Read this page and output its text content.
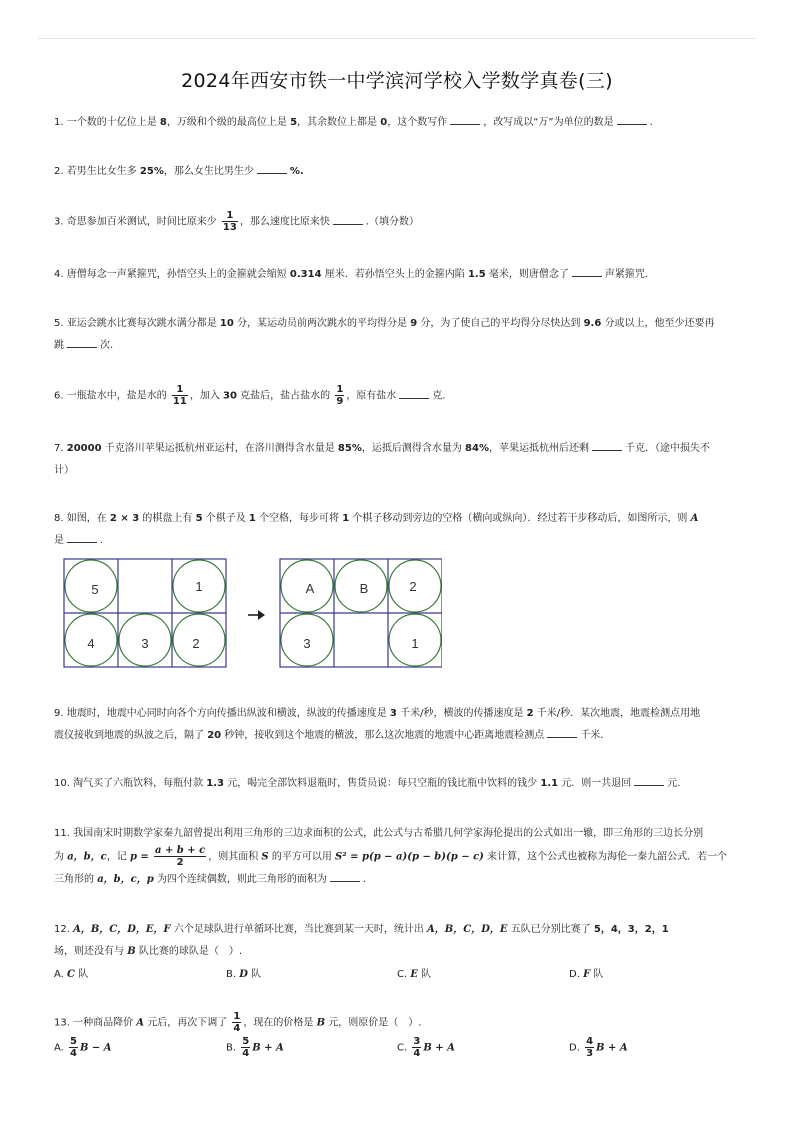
2024年西安市铁一中学滨河学校入学数学真卷(三)
1. 一个数的十亿位上是 8，万级和个级的最高位上是 5，其余数位上都是 0，这个数写作	，改写成以“万”为单位的数是	.
2. 若男生比女生多 25%，那么女生比男生少	%.
3. 奇思参加百米测试，时间比原来少 $\frac{1}{13}$ ，那么速度比原来快	.（填分数）
4. 唐僧每念一声紧箍咒，孙悟空头上的金箍就会缩短 0.314 厘米．若孙悟空头上的金箍内陷 1.5 毫米，则唐僧念了	声紧箍咒.
5. 亚运会跳水比赛每次跳水满分都是 10 分，某运动员前两次跳水的平均得分是 9 分，为了使自己的平均得分尽快达到 9.6 分或以上，他至少还要再
跳	次.
6. 一瓶盐水中，盐是水的 $\frac{1}{11}$ ，加入 30 克盐后，盐占盐水的 $\frac{1}{9}$ ，原有盐水	克.
7. 20000 千克洛川苹果运抵杭州亚运村，在洛川测得含水量是 85%，运抵后测得含水量为 84%，苹果运抵杭州后还剩	千克．（途中损失不
计）
8. 如图，在 2 × 3 的棋盘上有 5 个棋子及 1 个空格，每步可将 1 个棋子移动到旁边的空格（横向或纵向）．经过若干步移动后，如图所示，则 A
是	.
5	1
4	3	2
A	B	2
3	1
9. 地震时，地震中心同时向各个方向传播出纵波和横波，纵波的传播速度是 3 千米/秒，横波的传播速度是 2 千米/秒．某次地震，地震检测点用地
震仪接收到地震的纵波之后，隔了 20 秒钟，接收到这个地震的横波，那么这次地震的地震中心距离地震检测点	千米.
10. 淘气买了六瓶饮料，每瓶付款 1.3 元，喝完全部饮料退瓶时，售货员说：每只空瓶的钱比瓶中饮料的钱少 1.1 元．则一共退回	元.
11. 我国南宋时期数学家秦九韶曾提出利用三角形的三边求面积的公式，此公式与古希腊几何学家海伦提出的公式如出一辙，即三角形的三边长分别
为 a，b，c，记 $p = \frac{a + b + c}{2}$ ，则其面积 S 的平方可以用 S² = p(p − a)(p − b)(p − c) 来计算，这个公式也被称为海伦一秦九韶公式．若一个
三角形的 a，b，c，p 为四个连续偶数，则此三角形的面积为	.
12. A，B，C，D，E，F 六个足球队进行单循环比赛，当比赛到某一天时，统计出 A，B，C，D，E 五队已分别比赛了 5，4，3，2，1
场，则还没有与 B 队比赛的球队是（　）.
A. C 队	B. D 队	C. E 队	D. F 队
13. 一种商品降价 A 元后，再次下调了 $\frac{1}{4}$ ，现在的价格是 B 元，则原价是（　）.
A. $\frac{5}{4}$ B − A	B. $\frac{5}{4}$ B + A	C. $\frac{3}{4}$ B + A	D. $\frac{4}{3}$ B + A
